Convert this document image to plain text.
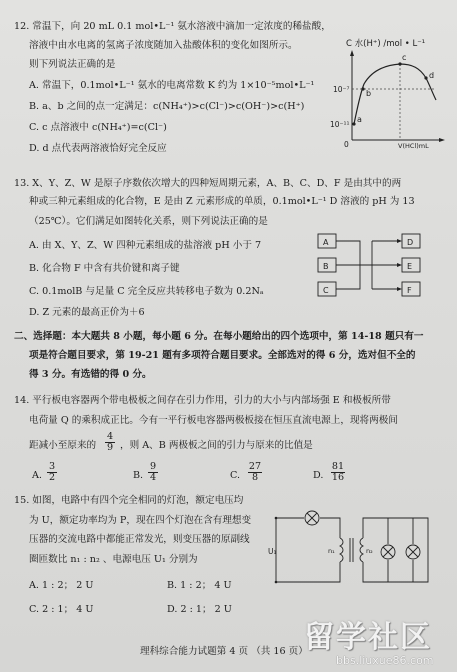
12. 常温下，向 20 mL 0.1 mol•L⁻¹ 氨水溶液中滴加一定浓度的稀盐酸，
溶液中由水电离的氢离子浓度随加入盐酸体积的变化如图所示。
则下列说法正确的是
A. 常温下，0.1mol•L⁻¹ 氨水的电离常数 K 约为 1×10⁻⁵mol•L⁻¹
B. a、b 之间的点一定满足：c(NH₄⁺)>c(Cl⁻)>c(OH⁻)>c(H⁺)
C. c 点溶液中 c(NH₄⁺)=c(Cl⁻)
D. d 点代表两溶液恰好完全反应
C 水(H⁺) /mol • L⁻¹
0
10⁻⁷
10⁻¹¹
V(HCl)mL
a
b
c
d
13. X、Y、Z、W 是原子序数依次增大的四种短周期元素，A、B、C、D、F 是由其中的两
种或三种元素组成的化合物，E 是由 Z 元素形成的单质，0.1mol•L⁻¹ D 溶液的 pH 为 13
（25℃）。它们满足如图转化关系，则下列说法正确的是
A. 由 X、Y、Z、W 四种元素组成的盐溶液 pH 小于 7
B. 化合物 F 中含有共价键和离子键
C. 0.1molB 与足量 C 完全反应共转移电子数为 0.2Nₐ
D. Z 元素的最高正价为＋6
A
B
C
D
E
F
二、选择题：本大题共 8 小题，每小题 6 分。在每小题给出的四个选项中，第 14-18 题只有一
项是符合题目要求，第 19-21 题有多项符合题目要求。全部选对的得 6 分，选对但不全的
得 3 分。有选错的得 0 分。
14. 平行板电容器两个带电极板之间存在引力作用，引力的大小与内部场强 E 和极板所带
电荷量 Q 的乘积成正比。今有一平行板电容器两极板接在恒压直流电源上，现将两极间
距减小至原来的 $\frac{4}{9}$ ，则 A、B 两极板之间的引力与原来的比值是
A. $\frac{3}{2}$	B. $\frac{9}{4}$	C. $\frac{27}{8}$	D. $\frac{81}{16}$
15. 如图，电路中有四个完全相同的灯泡，额定电压均
为 U，额定功率均为 P，现在四个灯泡在含有理想变
压器的交流电路中都能正常发光，则变压器的原副线
圈匝数比 n₁ : n₂ 、电源电压 U₁ 分别为
A. 1 : 2； 2 U	B. 1 : 2； 4 U
C. 2 : 1； 4 U	D. 2 : 1； 2 U
U₁	n₁	n₂
理科综合能力试题第 4 页 （共 16 页）
留学社区
bbs.liuxue86.com
